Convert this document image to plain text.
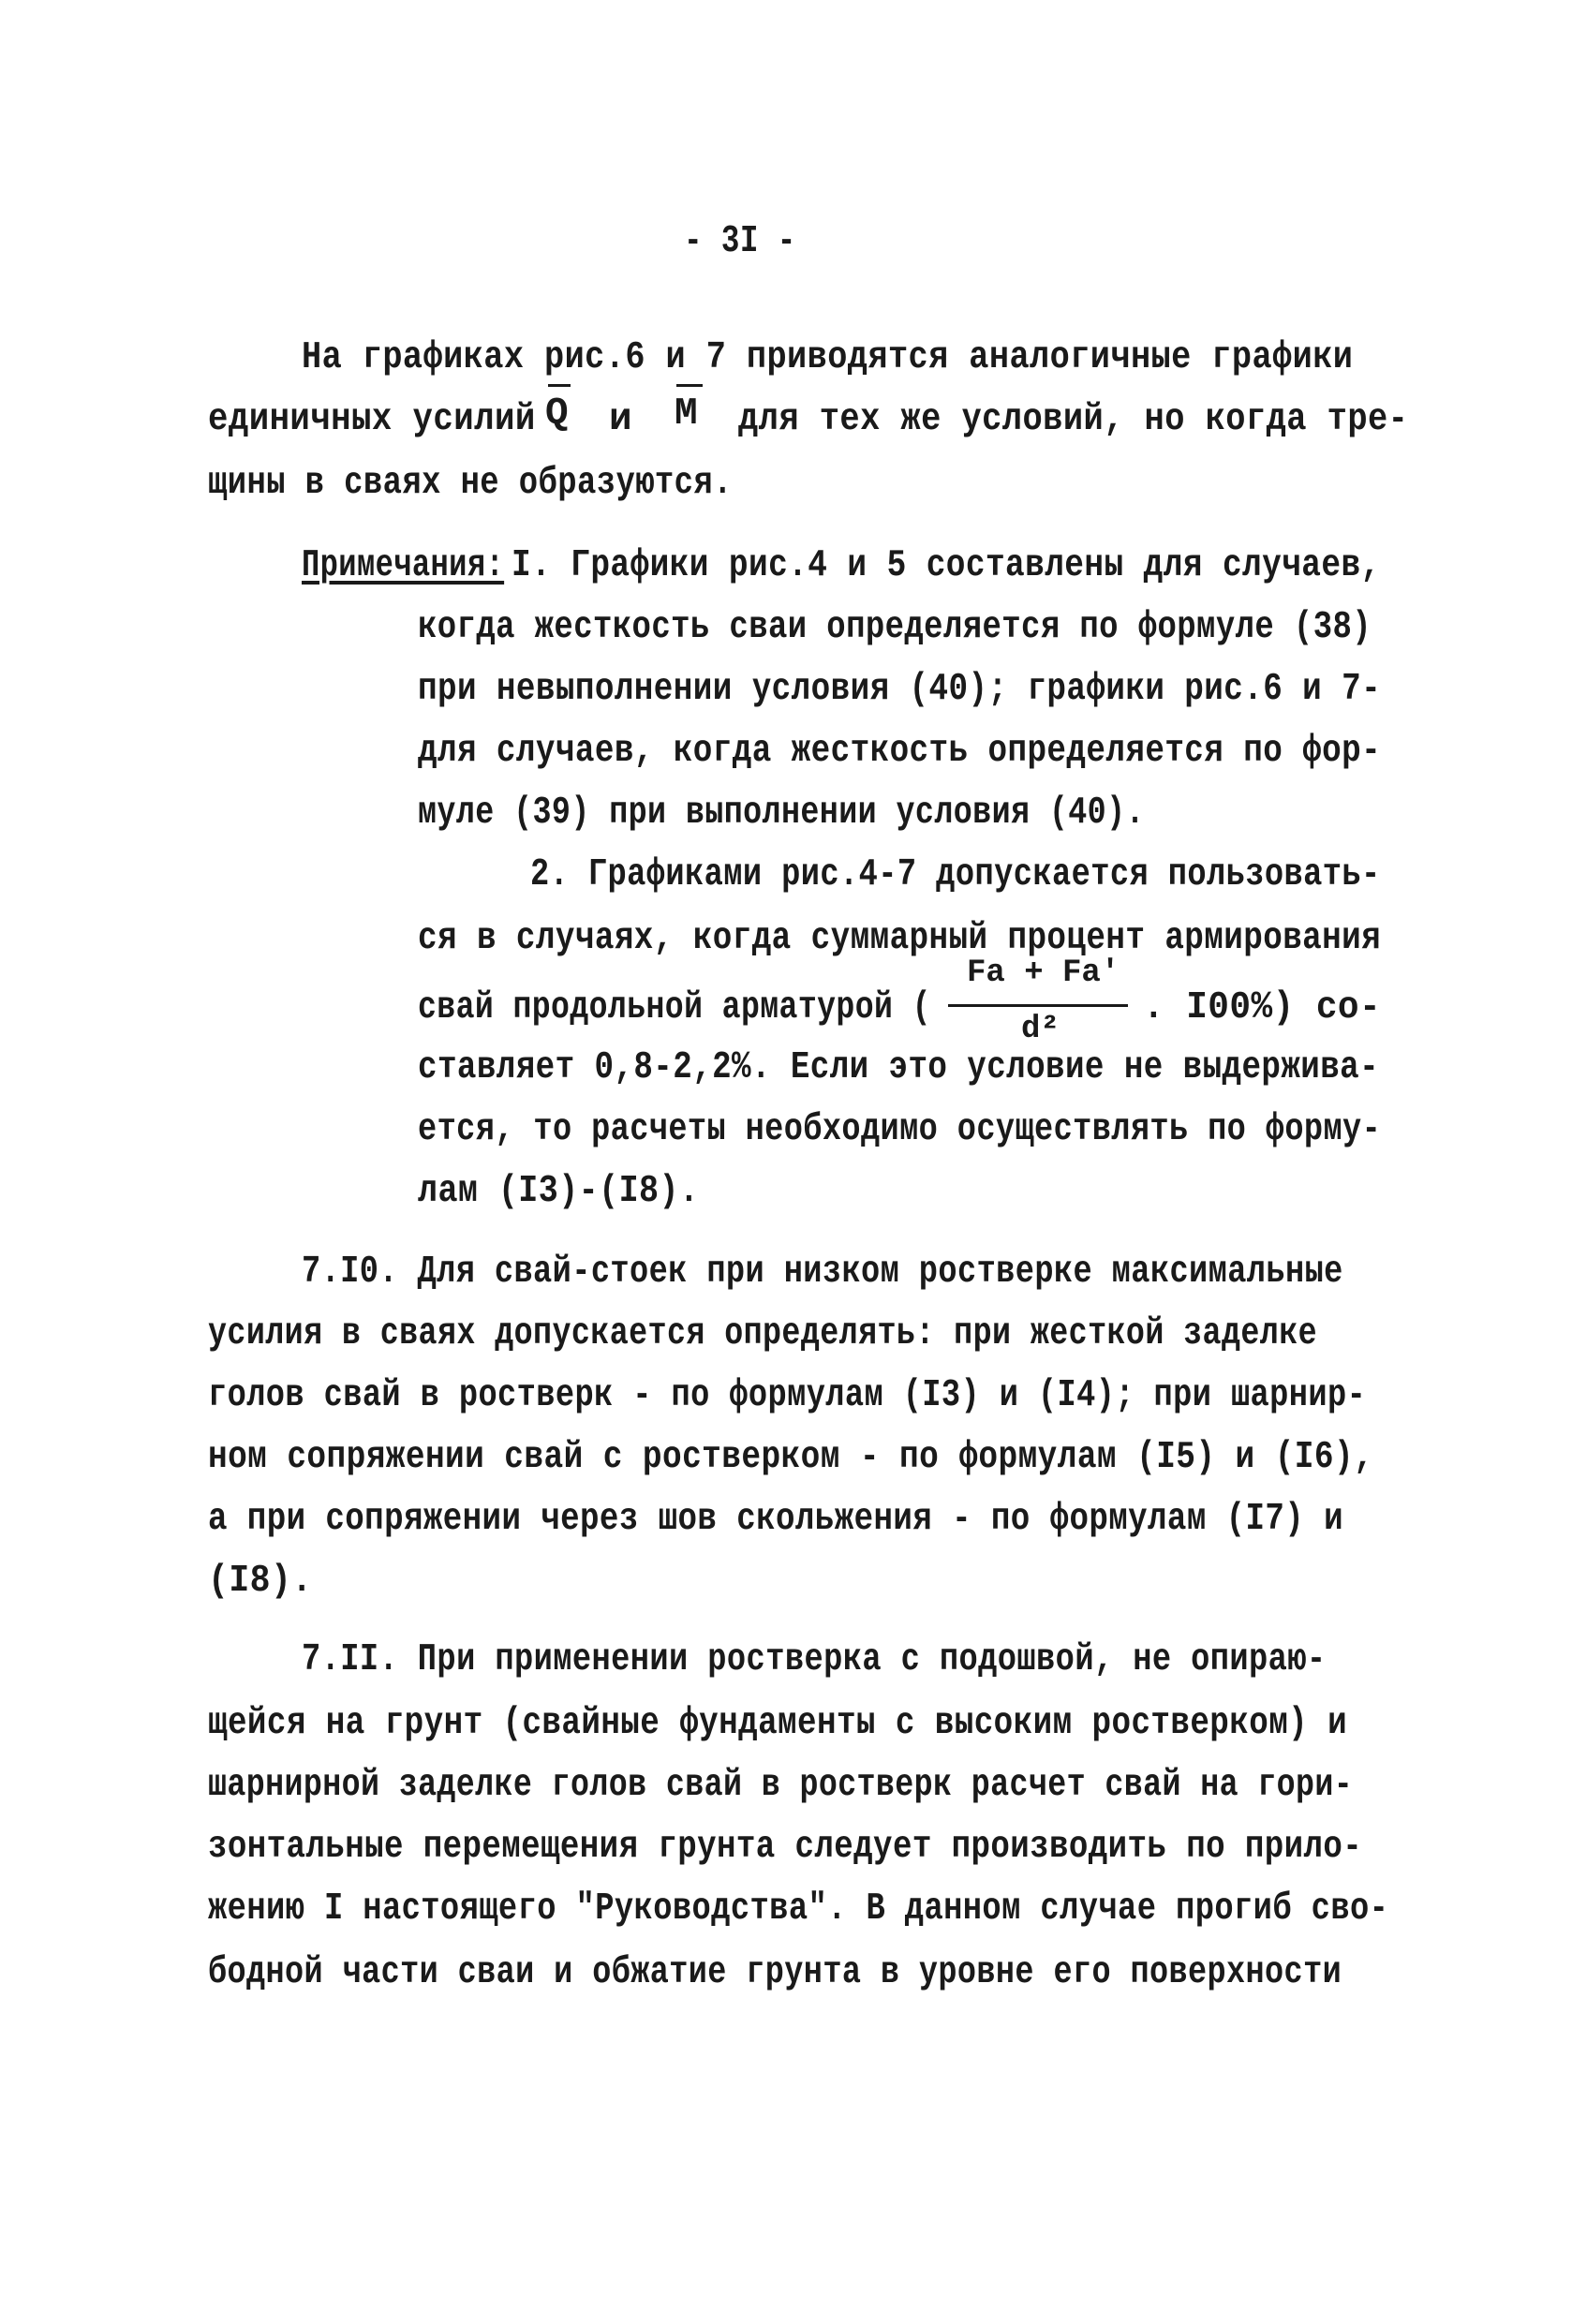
- 3I -
На графиках рис.6 и 7 приводятся аналогичные графики
единичных усилий Q и M для тех же условий, но когда тре-
щины в сваях не образуются.
Примечания: I. Графики рис.4 и 5 составлены для случаев,
когда жесткость сваи определяется по формуле (38)
при невыполнении условия (40); графики рис.6 и 7-
для случаев, когда жесткость определяется по фор-
муле (39) при выполнении условия (40).
2. Графиками рис.4-7 допускается пользовать-
ся в случаях, когда суммарный процент армирования
свай продольной арматурой (
Fa + Fa'
d² . I00%) со-
ставляет 0,8-2,2%. Если это условие не выдерживa-
ется, то расчеты необходимо осуществлять по форму-
лам (I3)-(I8).
7.I0. Для свай-стоек при низком ростверке максимальные
усилия в сваях допускается определять: при жесткой заделке
голов свай в ростверк - по формулам (I3) и (I4); при шарнир-
ном сопряжении свай с ростверком - по формулам (I5) и (I6),
а при сопряжении через шов скольжения - по формулам (I7) и
(I8).
7.II. При применении ростверка с подошвой, не опираю-
щейся на грунт (свайные фундаменты с высоким ростверком) и
шарнирной заделке голов свай в ростверк расчет свай на гори-
зонтальные перемещения грунта следует производить по прило-
жению I настоящего "Руководства". В данном случае прогиб сво-
бодной части сваи и обжатие грунта в уровне его поверхности
